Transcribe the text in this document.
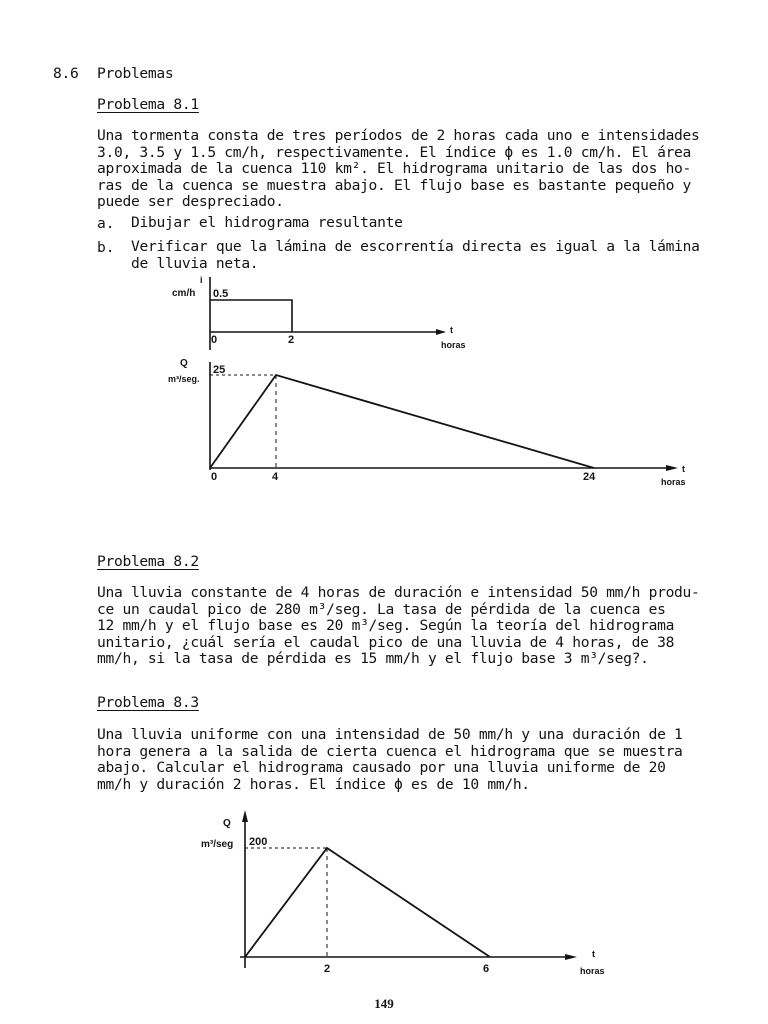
8.6 Problemas
Problema 8.1
Una tormenta consta de tres períodos de 2 horas cada uno e intensidades
3.0, 3.5 y 1.5 cm/h, respectivamente. El índice ϕ es 1.0 cm/h. El área
aproximada de la cuenca 110 km². El hidrograma unitario de las dos ho-
ras de la cuenca se muestra abajo. El flujo base es bastante pequeño y
puede ser despreciado.
a. Dibujar el hidrograma resultante
b. Verificar que la lámina de escorrentía directa es igual a la lámina
de lluvia neta.
i
cm/h 0.5
0	2
t
horas
Q
m³/seg.
25
0	4	24
t
horas
Problema 8.2
Una lluvia constante de 4 horas de duración e intensidad 50 mm/h produ-
ce un caudal pico de 280 m³/seg. La tasa de pérdida de la cuenca es
12 mm/h y el flujo base es 20 m³/seg. Según la teoría del hidrograma
unitario, ¿cuál sería el caudal pico de una lluvia de 4 horas, de 38
mm/h, si la tasa de pérdida es 15 mm/h y el flujo base 3 m³/seg?.
Problema 8.3
Una lluvia uniforme con una intensidad de 50 mm/h y una duración de 1
hora genera a la salida de cierta cuenca el hidrograma que se muestra
abajo. Calcular el hidrograma causado por una lluvia uniforme de 20
mm/h y duración 2 horas. El índice ϕ es de 10 mm/h.
Q
m³/seg 200
2	6
t
horas
149
